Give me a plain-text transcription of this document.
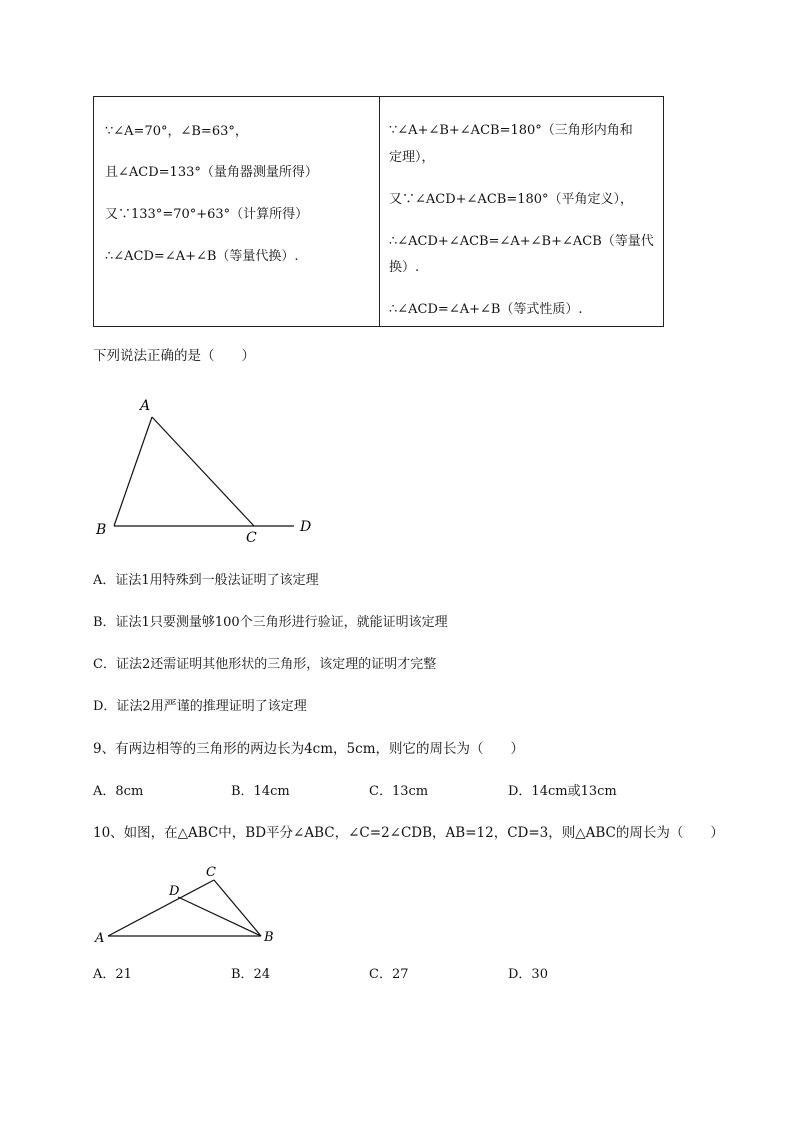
∵∠A=70°，∠B=63°，
且∠ACD=133°（量角器测量所得）
又∵133°=70°+63°（计算所得）
∴∠ACD=∠A+∠B（等量代换）.
∵∠A+∠B+∠ACB=180°（三角形内角和
定理），
又∵∠ACD+∠ACB=180°（平角定义），
∴∠ACD+∠ACB=∠A+∠B+∠ACB（等量代
换）.
∴∠ACD=∠A+∠B（等式性质）.
下列说法正确的是（　　）
A
B	C
D
A．证法1用特殊到一般法证明了该定理
B．证法1只要测量够100个三角形进行验证，就能证明该定理
C．证法2还需证明其他形状的三角形，该定理的证明才完整
D．证法2用严谨的推理证明了该定理
9、有两边相等的三角形的两边长为4cm，5cm，则它的周长为（　　）
A．8cm	B．14cm	C．13cm	D．14cm或13cm
10、如图，在△ABC中，BD平分∠ABC，∠C=2∠CDB，AB=12，CD=3，则△ABC的周长为（　　）
C
D
A	B
A．21	B．24	C．27	D．30
